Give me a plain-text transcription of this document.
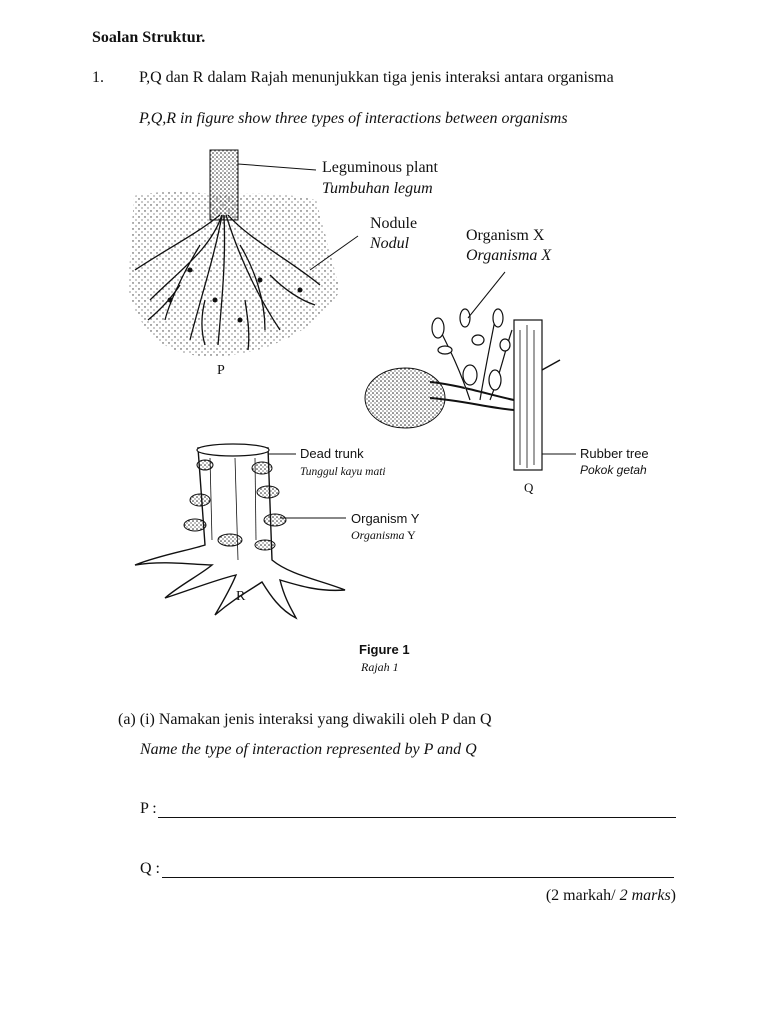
Soalan Struktur.
1. P,Q dan R dalam Rajah menunjukkan tiga jenis interaksi antara organisma
P,Q,R in figure show three types of interactions between organisms
Leguminous plant
Tumbuhan legum
Nodule
Nodul	Organism X
Organisma X
P
Rubber tree
Pokok getah
Q
Dead trunk
Tunggul kayu mati
Organism Y
Organisma Y
R
Figure 1
Rajah 1
(a) (i) Namakan jenis interaksi yang diwakili oleh P dan Q
Name the type of interaction represented by P and Q
P :
Q :
(2 markah/ 2 marks)
